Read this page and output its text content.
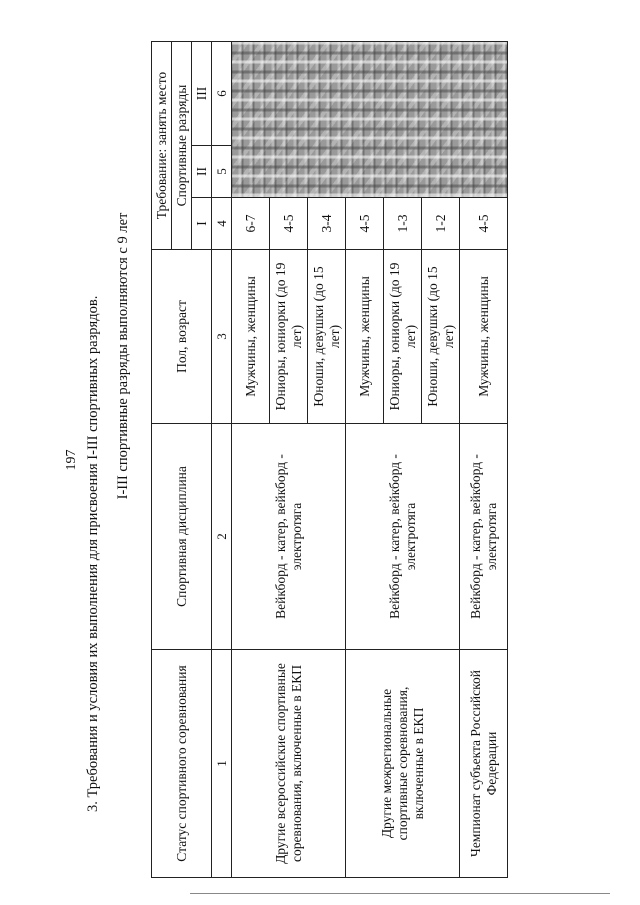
197 3. Требования и условия их выполнения для присвоения I-III спортивных разрядов. I-III спортивные разряды выполняются с 9 лет
Статус спортивного соревнования	Спортивная дисциплина	Пол, возраст	Требование: занять место		
			Спортивные разряды		
			I	II	III
1	2	3	4	5	6
Другие всероссийские спортивные соревнования, включенные в ЕКП	Вейкборд - катер, вейкборд - электротяга	Мужчины, женщины	6-7		
		Юниоры, юниорки (до 19 лет)	4-5		
		Юноши, девушки (до 15 лет)	3-4		
Другие межрегиональные спортивные соревнования, включенные в ЕКП	Вейкборд - катер, вейкборд - электротяга	Мужчины, женщины	4-5		
		Юниоры, юниорки (до 19 лет)	1-3		
		Юноши, девушки (до 15 лет)	1-2		
Чемпионат субъекта Российской Федерации	Вейкборд - катер, вейкборд - электротяга	Мужчины, женщины	4-5		
